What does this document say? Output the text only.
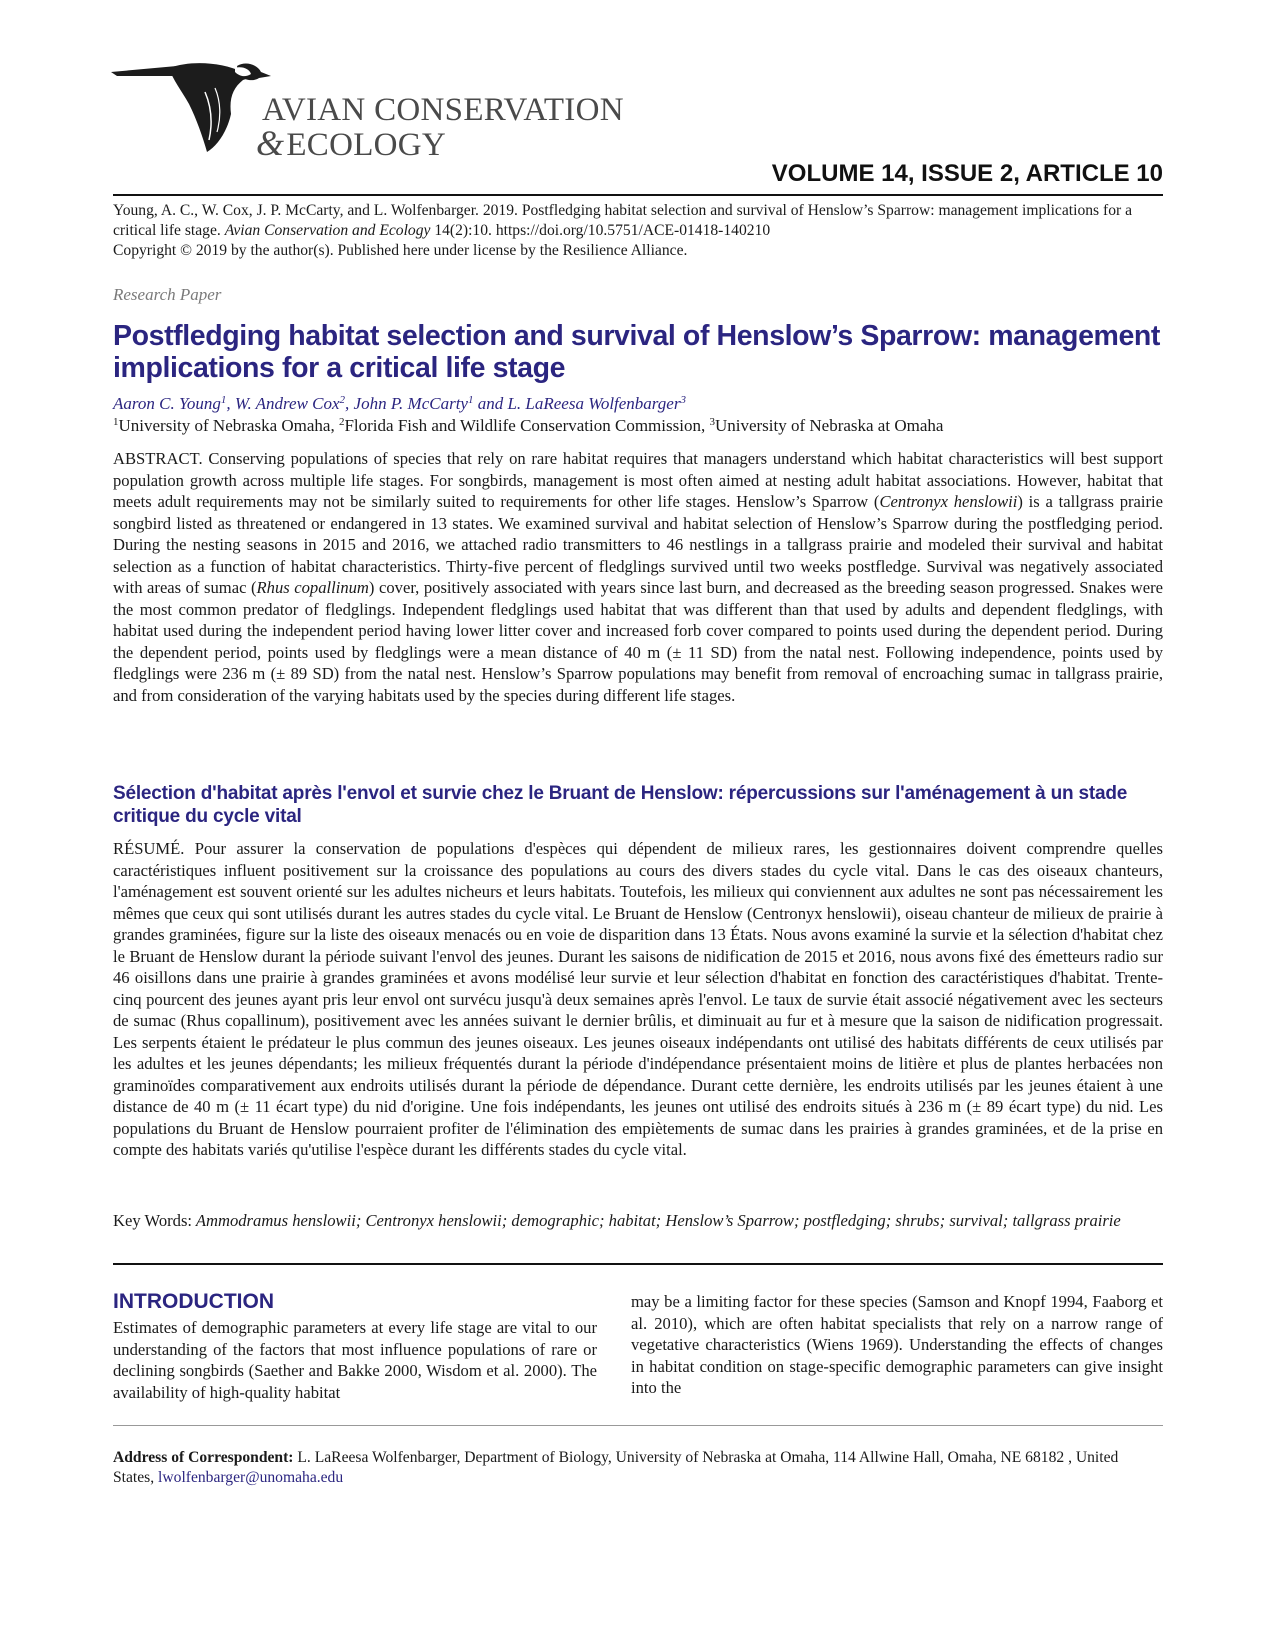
AVIAN CONSERVATION
&ECOLOGY
VOLUME 14, ISSUE 2, ARTICLE 10

Young, A. C., W. Cox, J. P. McCarty, and L. Wolfenbarger. 2019. Postfledging habitat selection and survival of Henslow’s Sparrow: management implications for a critical life stage. Avian Conservation and Ecology 14(2):10. https://doi.org/10.5751/ACE-01418-140210

Copyright © 2019 by the author(s). Published here under license by the Resilience Alliance.

Research Paper
Postfledging habitat selection and survival of Henslow’s Sparrow: management implications for a critical life stage
Aaron C. Young$^1$, W. Andrew Cox$^2$, John P. McCarty$^1$ and L. LaReesa Wolfenbarger$^3$
$^1$University of Nebraska Omaha, $^2$Florida Fish and Wildlife Conservation Commission, $^3$University of Nebraska at Omaha

ABSTRACT. Conserving populations of species that rely on rare habitat requires that managers understand which habitat characteristics will best support population growth across multiple life stages. For songbirds, management is most often aimed at nesting adult habitat associations. However, habitat that meets adult requirements may not be similarly suited to requirements for other life stages. Henslow’s Sparrow (Centronyx henslowii) is a tallgrass prairie songbird listed as threatened or endangered in 13 states. We examined survival and habitat selection of Henslow’s Sparrow during the postfledging period. During the nesting seasons in 2015 and 2016, we attached radio transmitters to 46 nestlings in a tallgrass prairie and modeled their survival and habitat selection as a function of habitat characteristics. Thirty-five percent of fledglings survived until two weeks postfledge. Survival was negatively associated with areas of sumac (Rhus copallinum) cover, positively associated with years since last burn, and decreased as the breeding season progressed. Snakes were the most common predator of fledglings. Independent fledglings used habitat that was different than that used by adults and dependent fledglings, with habitat used during the independent period having lower litter cover and increased forb cover compared to points used during the dependent period. During the dependent period, points used by fledglings were a mean distance of 40 m (± 11 SD) from the natal nest. Following independence, points used by fledglings were 236 m (± 89 SD) from the natal nest. Henslow’s Sparrow populations may benefit from removal of encroaching sumac in tallgrass prairie, and from consideration of the varying habitats used by the species during different life stages.

Sélection d'habitat après l'envol et survie chez le Bruant de Henslow: répercussions sur l'aménagement à un stade critique du cycle vital

RÉSUMÉ. Pour assurer la conservation de populations d'espèces qui dépendent de milieux rares, les gestionnaires doivent comprendre quelles caractéristiques influent positivement sur la croissance des populations au cours des divers stades du cycle vital. Dans le cas des oiseaux chanteurs, l'aménagement est souvent orienté sur les adultes nicheurs et leurs habitats. Toutefois, les milieux qui conviennent aux adultes ne sont pas nécessairement les mêmes que ceux qui sont utilisés durant les autres stades du cycle vital. Le Bruant de Henslow (Centronyx henslowii), oiseau chanteur de milieux de prairie à grandes graminées, figure sur la liste des oiseaux menacés ou en voie de disparition dans 13 États. Nous avons examiné la survie et la sélection d'habitat chez le Bruant de Henslow durant la période suivant l'envol des jeunes. Durant les saisons de nidification de 2015 et 2016, nous avons fixé des émetteurs radio sur 46 oisillons dans une prairie à grandes graminées et avons modélisé leur survie et leur sélection d'habitat en fonction des caractéristiques d'habitat. Trente-cinq pourcent des jeunes ayant pris leur envol ont survécu jusqu'à deux semaines après l'envol. Le taux de survie était associé négativement avec les secteurs de sumac (Rhus copallinum), positivement avec les années suivant le dernier brûlis, et diminuait au fur et à mesure que la saison de nidification progressait. Les serpents étaient le prédateur le plus commun des jeunes oiseaux. Les jeunes oiseaux indépendants ont utilisé des habitats différents de ceux utilisés par les adultes et les jeunes dépendants; les milieux fréquentés durant la période d'indépendance présentaient moins de litière et plus de plantes herbacées non graminoïdes comparativement aux endroits utilisés durant la période de dépendance. Durant cette dernière, les endroits utilisés par les jeunes étaient à une distance de 40 m (± 11 écart type) du nid d'origine. Une fois indépendants, les jeunes ont utilisé des endroits situés à 236 m (± 89 écart type) du nid. Les populations du Bruant de Henslow pourraient profiter de l'élimination des empiètements de sumac dans les prairies à grandes graminées, et de la prise en compte des habitats variés qu'utilise l'espèce durant les différents stades du cycle vital.

Key Words: Ammodramus henslowii; Centronyx henslowii; demographic; habitat; Henslow’s Sparrow; postfledging; shrubs; survival; tallgrass prairie

INTRODUCTION

Estimates of demographic parameters at every life stage are vital to our understanding of the factors that most influence populations of rare or declining songbirds (Saether and Bakke 2000, Wisdom et al. 2000). The availability of high-quality habitat

may be a limiting factor for these species (Samson and Knopf 1994, Faaborg et al. 2010), which are often habitat specialists that rely on a narrow range of vegetative characteristics (Wiens 1969). Understanding the effects of changes in habitat condition on stage-specific demographic parameters can give insight into the

Address of Correspondent: L. LaReesa Wolfenbarger, Department of Biology, University of Nebraska at Omaha, 114 Allwine Hall, Omaha, NE 68182 , United States, lwolfenbarger@unomaha.edu
